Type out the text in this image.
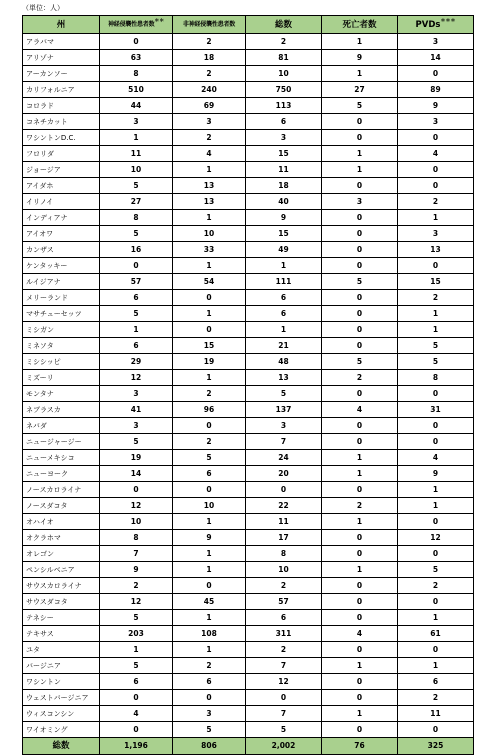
（単位：人）
州	神経侵襲性患者数＊＊	非神経侵襲性患者数	総数	死亡者数	PVDs＊＊＊
アラバマ	0	2	2	1	3
アリゾナ	63	18	81	9	14
アーカンソー	8	2	10	1	0
カリフォルニア	510	240	750	27	89
コロラド	44	69	113	5	9
コネチカット	3	3	6	0	3
ワシントンD.C.	1	2	3	0	0
フロリダ	11	4	15	1	4
ジョージア	10	1	11	1	0
アイダホ	5	13	18	0	0
イリノイ	27	13	40	3	2
インディアナ	8	1	9	0	1
アイオワ	5	10	15	0	3
カンザス	16	33	49	0	13
ケンタッキー	0	1	1	0	0
ルイジアナ	57	54	111	5	15
メリーランド	6	0	6	0	2
マサチューセッツ	5	1	6	0	1
ミシガン	1	0	1	0	1
ミネソタ	6	15	21	0	5
ミシシッピ	29	19	48	5	5
ミズーリ	12	1	13	2	8
モンタナ	3	2	5	0	0
ネブラスカ	41	96	137	4	31
ネバダ	3	0	3	0	0
ニュージャージー	5	2	7	0	0
ニューメキシコ	19	5	24	1	4
ニューヨーク	14	6	20	1	9
ノースカロライナ	0	0	0	0	1
ノースダコタ	12	10	22	2	1
オハイオ	10	1	11	1	0
オクラホマ	8	9	17	0	12
オレゴン	7	1	8	0	0
ペンシルベニア	9	1	10	1	5
サウスカロライナ	2	0	2	0	2
サウスダコタ	12	45	57	0	0
テネシー	5	1	6	0	1
テキサス	203	108	311	4	61
ユタ	1	1	2	0	0
バージニア	5	2	7	1	1
ワシントン	6	6	12	0	6
ウェストバージニア	0	0	0	0	2
ウィスコンシン	4	3	7	1	11
ワイオミング	0	5	5	0	0
総数	1,196	806	2,002	76	325
